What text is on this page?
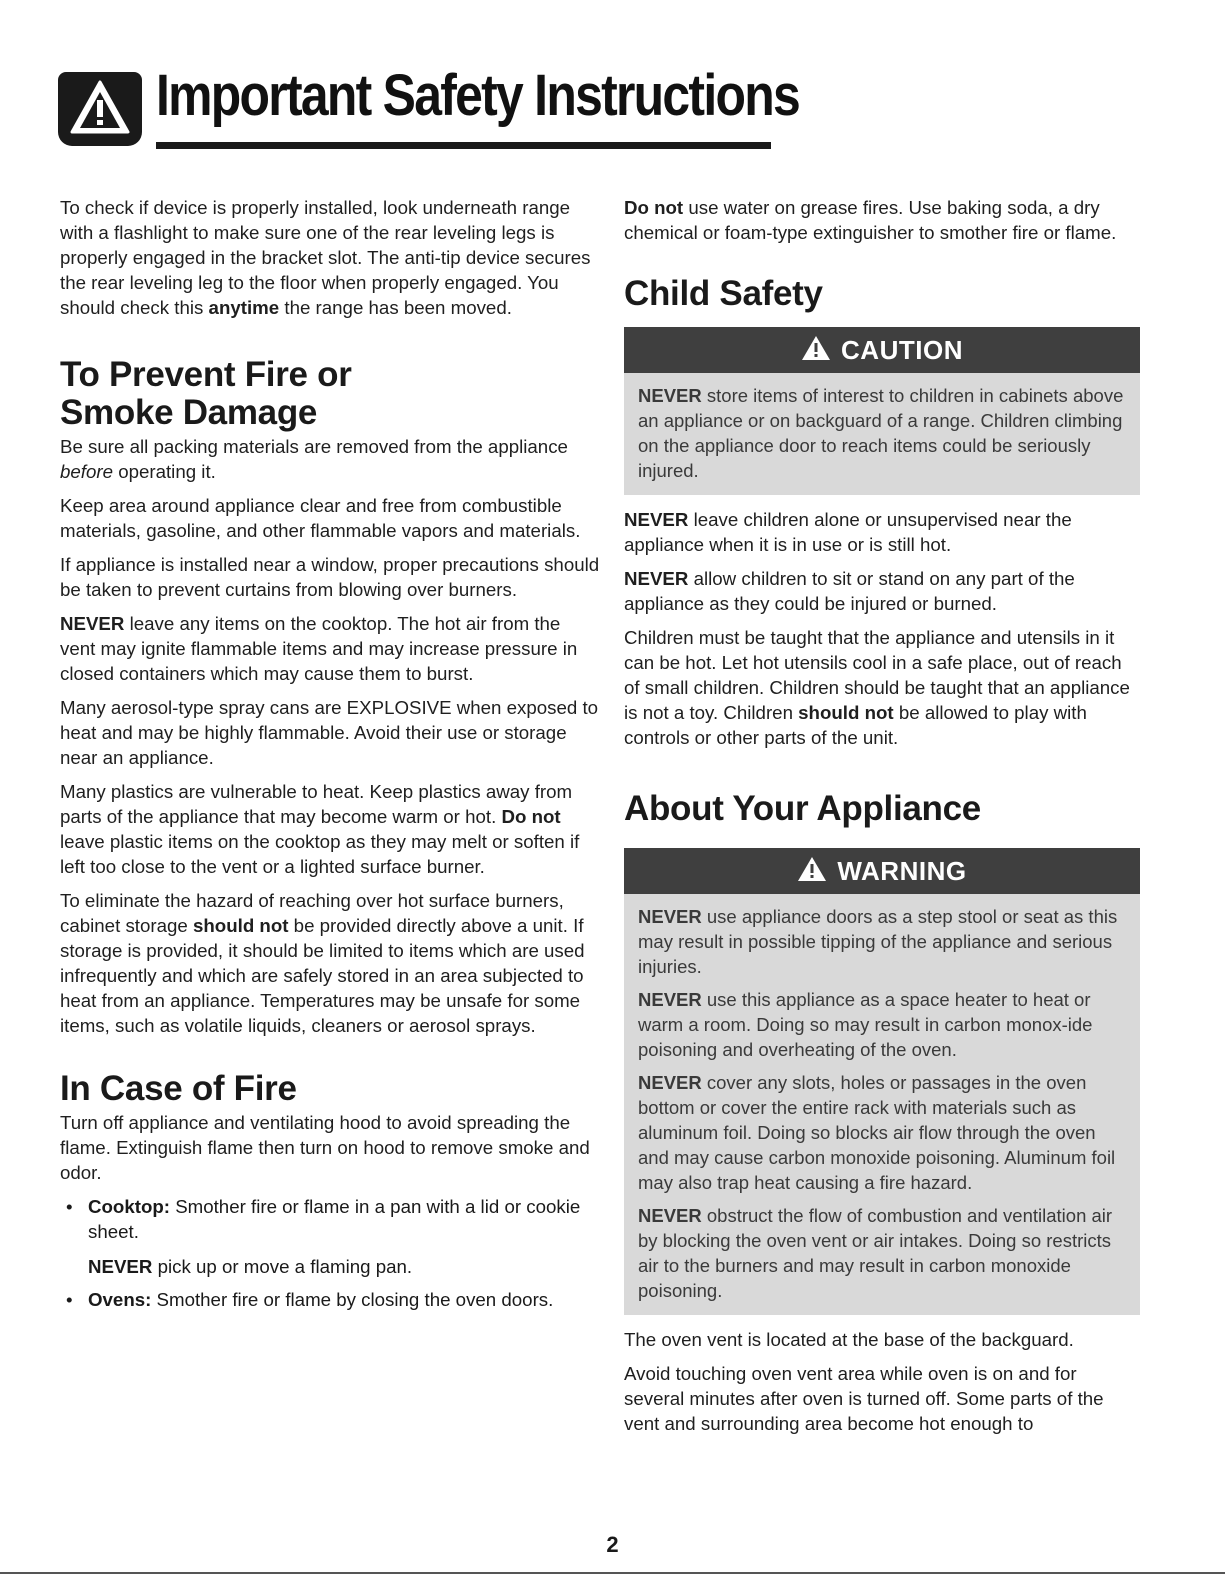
Important Safety Instructions

To check if device is properly installed, look underneath range with a flashlight to make sure one of the rear leveling legs is properly engaged in the bracket slot. The anti-tip device secures the rear leveling leg to the floor when properly engaged. You should check this anytime the range has been moved.

To Prevent Fire or
Smoke Damage

Be sure all packing materials are removed from the appliance before operating it.

Keep area around appliance clear and free from combustible materials, gasoline, and other flammable vapors and materials.

If appliance is installed near a window, proper precautions should be taken to prevent curtains from blowing over burners.

NEVER leave any items on the cooktop. The hot air from the vent may ignite flammable items and may increase pressure in closed containers which may cause them to burst.

Many aerosol-type spray cans are EXPLOSIVE when exposed to heat and may be highly flammable. Avoid their use or storage near an appliance.

Many plastics are vulnerable to heat. Keep plastics away from parts of the appliance that may become warm or hot. Do not leave plastic items on the cooktop as they may melt or soften if left too close to the vent or a lighted surface burner.

To eliminate the hazard of reaching over hot surface burners, cabinet storage should not be provided directly above a unit. If storage is provided, it should be limited to items which are used infrequently and which are safely stored in an area subjected to heat from an appliance. Temperatures may be unsafe for some items, such as volatile liquids, cleaners or aerosol sprays.

In Case of Fire

Turn off appliance and ventilating hood to avoid spreading the flame. Extinguish flame then turn on hood to remove smoke and odor.

• Cooktop: Smother fire or flame in a pan with a lid or cookie sheet.
NEVER pick up or move a flaming pan.
• Ovens: Smother fire or flame by closing the oven doors.

Do not use water on grease fires. Use baking soda, a dry chemical or foam-type extinguisher to smother fire or flame.

Child Safety
CAUTION

NEVER store items of interest to children in cabinets above an appliance or on backguard of a range. Children climbing on the appliance door to reach items could be seriously injured.

NEVER leave children alone or unsupervised near the appliance when it is in use or is still hot.

NEVER allow children to sit or stand on any part of the appliance as they could be injured or burned.

Children must be taught that the appliance and utensils in it can be hot. Let hot utensils cool in a safe place, out of reach of small children. Children should be taught that an appliance is not a toy. Children should not be allowed to play with controls or other parts of the unit.

About Your Appliance
WARNING

NEVER use appliance doors as a step stool or seat as this may result in possible tipping of the appliance and serious injuries.

NEVER use this appliance as a space heater to heat or warm a room. Doing so may result in carbon monox-ide poisoning and overheating of the oven.

NEVER cover any slots, holes or passages in the oven bottom or cover the entire rack with materials such as aluminum foil. Doing so blocks air flow through the oven and may cause carbon monoxide poisoning. Aluminum foil may also trap heat causing a fire hazard.

NEVER obstruct the flow of combustion and ventilation air by blocking the oven vent or air intakes. Doing so restricts air to the burners and may result in carbon monoxide poisoning.

The oven vent is located at the base of the backguard.

Avoid touching oven vent area while oven is on and for several minutes after oven is turned off. Some parts of the vent and surrounding area become hot enough to

2
